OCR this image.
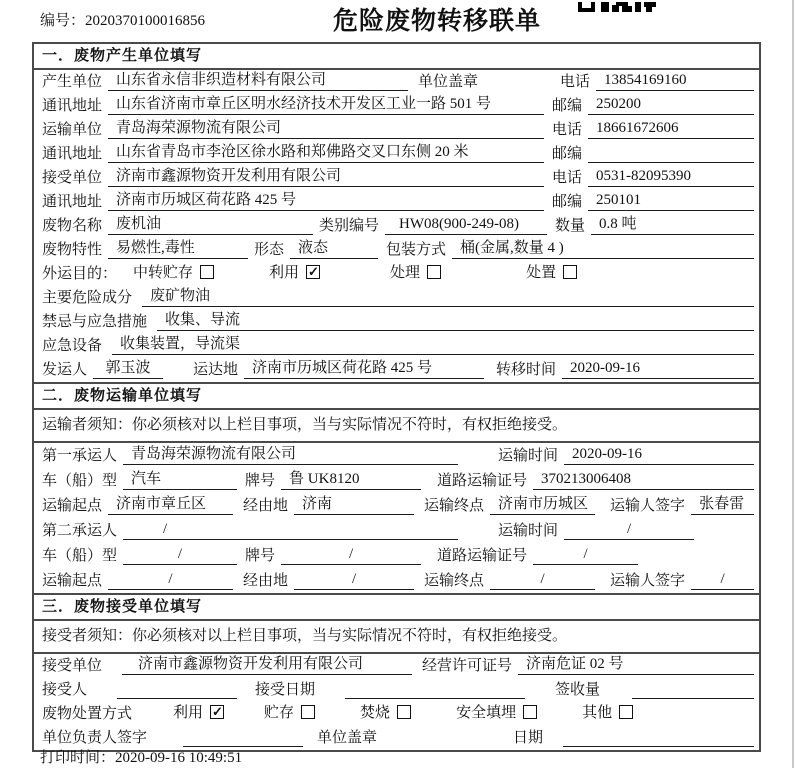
编号：2020370100016856	危险废物转移联单
一．废物产生单位填写
产生单位 山东省永信非织造材料有限公司	单位盖章	电话 13854169160
通讯地址 山东省济南市章丘区明水经济技术开发区工业一路 501 号	邮编 250200
运输单位 青岛海荣源物流有限公司	电话 18661672606
通讯地址 山东省青岛市李沧区徐水路和郑佛路交叉口东侧 20 米	邮编
接受单位 济南市鑫源物资开发利用有限公司	电话 0531-82095390
通讯地址 济南市历城区荷花路 425 号	邮编 250101
废物名称 废机油	类别编号	HW08(900-249-08)	数量 0.8 吨
废物特性 易燃性,毒性	形态 液态	包装方式 桶(金属,数量 4 )
外运目的：	中转贮存	利用 ✓	处理	处置
主要危险成分	废矿物油
禁忌与应急措施	收集、导流
应急设备	收集装置，导流渠
发运人	郭玉波	运达地 济南市历城区荷花路 425 号	转移时间 2020-09-16
二．废物运输单位填写
运输者须知：你必须核对以上栏目事项，当与实际情况不符时，有权拒绝接受。
第一承运人 青岛海荣源物流有限公司	运输时间 2020-09-16
车（船）型 汽车	牌号 鲁 UK8120	道路运输证号 370213006408
运输起点 济南市章丘区	经由地 济南	运输终点 济南市历城区	运输人签字 张春雷
第二承运人	/	运输时间	/
车（船）型	/	牌号	/	道路运输证号	/
运输起点	/	经由地	/	运输终点	/	运输人签字	/
三．废物接受单位填写
接受者须知：你必须核对以上栏目事项，当与实际情况不符时，有权拒绝接受。
接受单位	济南市鑫源物资开发利用有限公司	经营许可证号 济南危证 02 号
接受人	接受日期	签收量
废物处置方式	利用 ✓	贮存	焚烧	安全填埋	其他
单位负责人签字	单位盖章	日期
打印时间：2020-09-16 10:49:51
